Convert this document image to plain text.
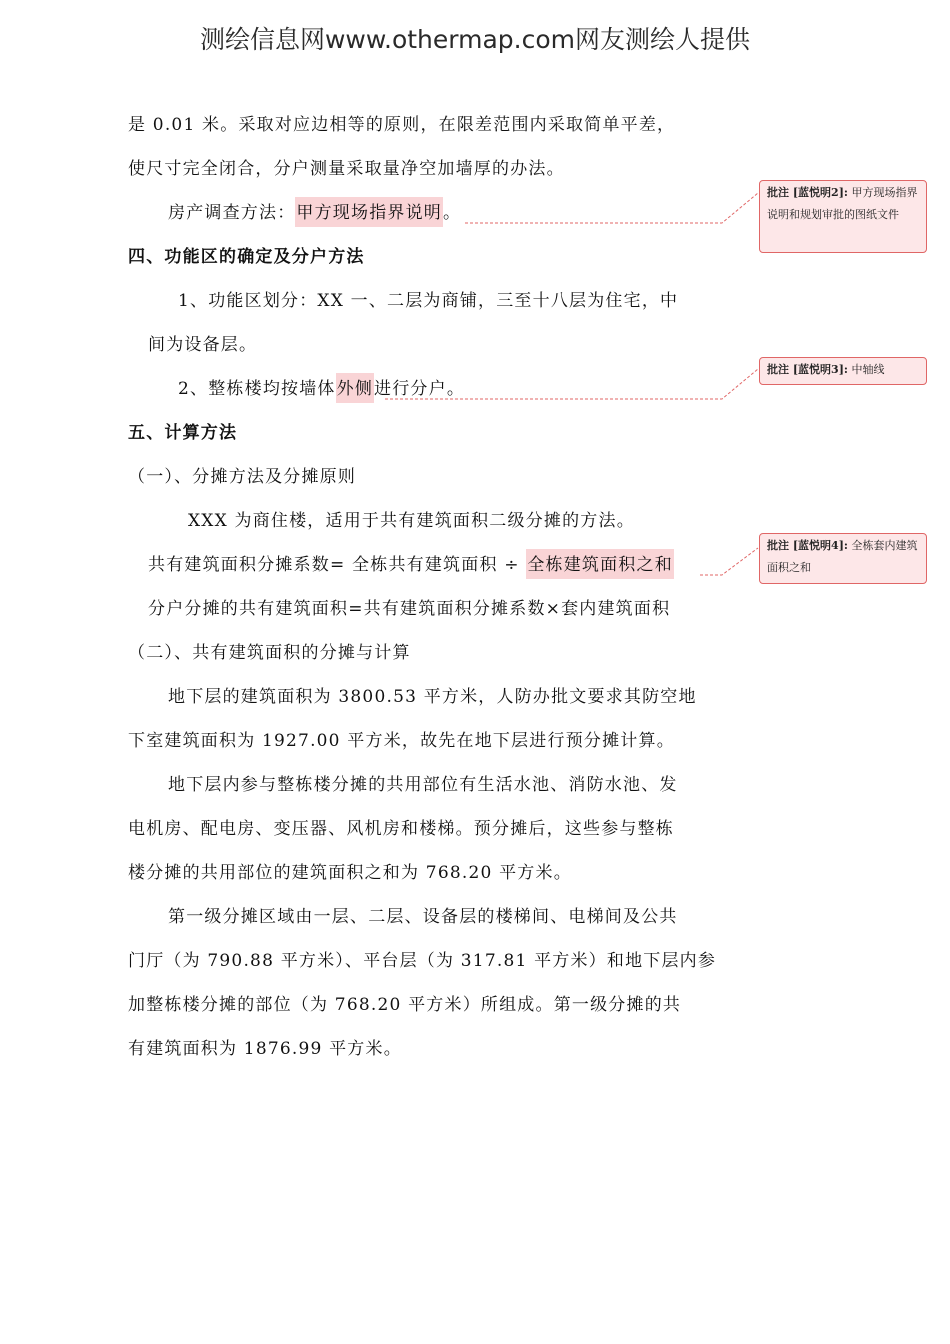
测绘信息网www.othermap.com网友测绘人提供
是 0.01 米。采取对应边相等的原则，在限差范围内采取简单平差，
使尺寸完全闭合，分户测量采取量净空加墙厚的办法。
房产调查方法：甲方现场指界说明。
四、功能区的确定及分户方法
1、功能区划分：XX 一、二层为商铺，三至十八层为住宅，中
间为设备层。
2、整栋楼均按墙体外侧进行分户。
五、计算方法
（一）、分摊方法及分摊原则
XXX 为商住楼，适用于共有建筑面积二级分摊的方法。
共有建筑面积分摊系数= 全栋共有建筑面积 ÷ 全栋建筑面积之和
分户分摊的共有建筑面积=共有建筑面积分摊系数×套内建筑面积
（二）、共有建筑面积的分摊与计算
地下层的建筑面积为 3800.53 平方米，人防办批文要求其防空地
下室建筑面积为 1927.00 平方米，故先在地下层进行预分摊计算。
地下层内参与整栋楼分摊的共用部位有生活水池、消防水池、发
电机房、配电房、变压器、风机房和楼梯。预分摊后，这些参与整栋
楼分摊的共用部位的建筑面积之和为 768.20 平方米。
第一级分摊区域由一层、二层、设备层的楼梯间、电梯间及公共
门厅（为 790.88 平方米）、平台层（为 317.81 平方米）和地下层内参
加整栋楼分摊的部位（为 768.20 平方米）所组成。第一级分摊的共
有建筑面积为 1876.99 平方米。
批注 [蓝悦明2]: 甲方现场指界说明和规划审批的图纸文件
批注 [蓝悦明3]: 中轴线
批注 [蓝悦明4]: 全栋套内建筑面积之和
